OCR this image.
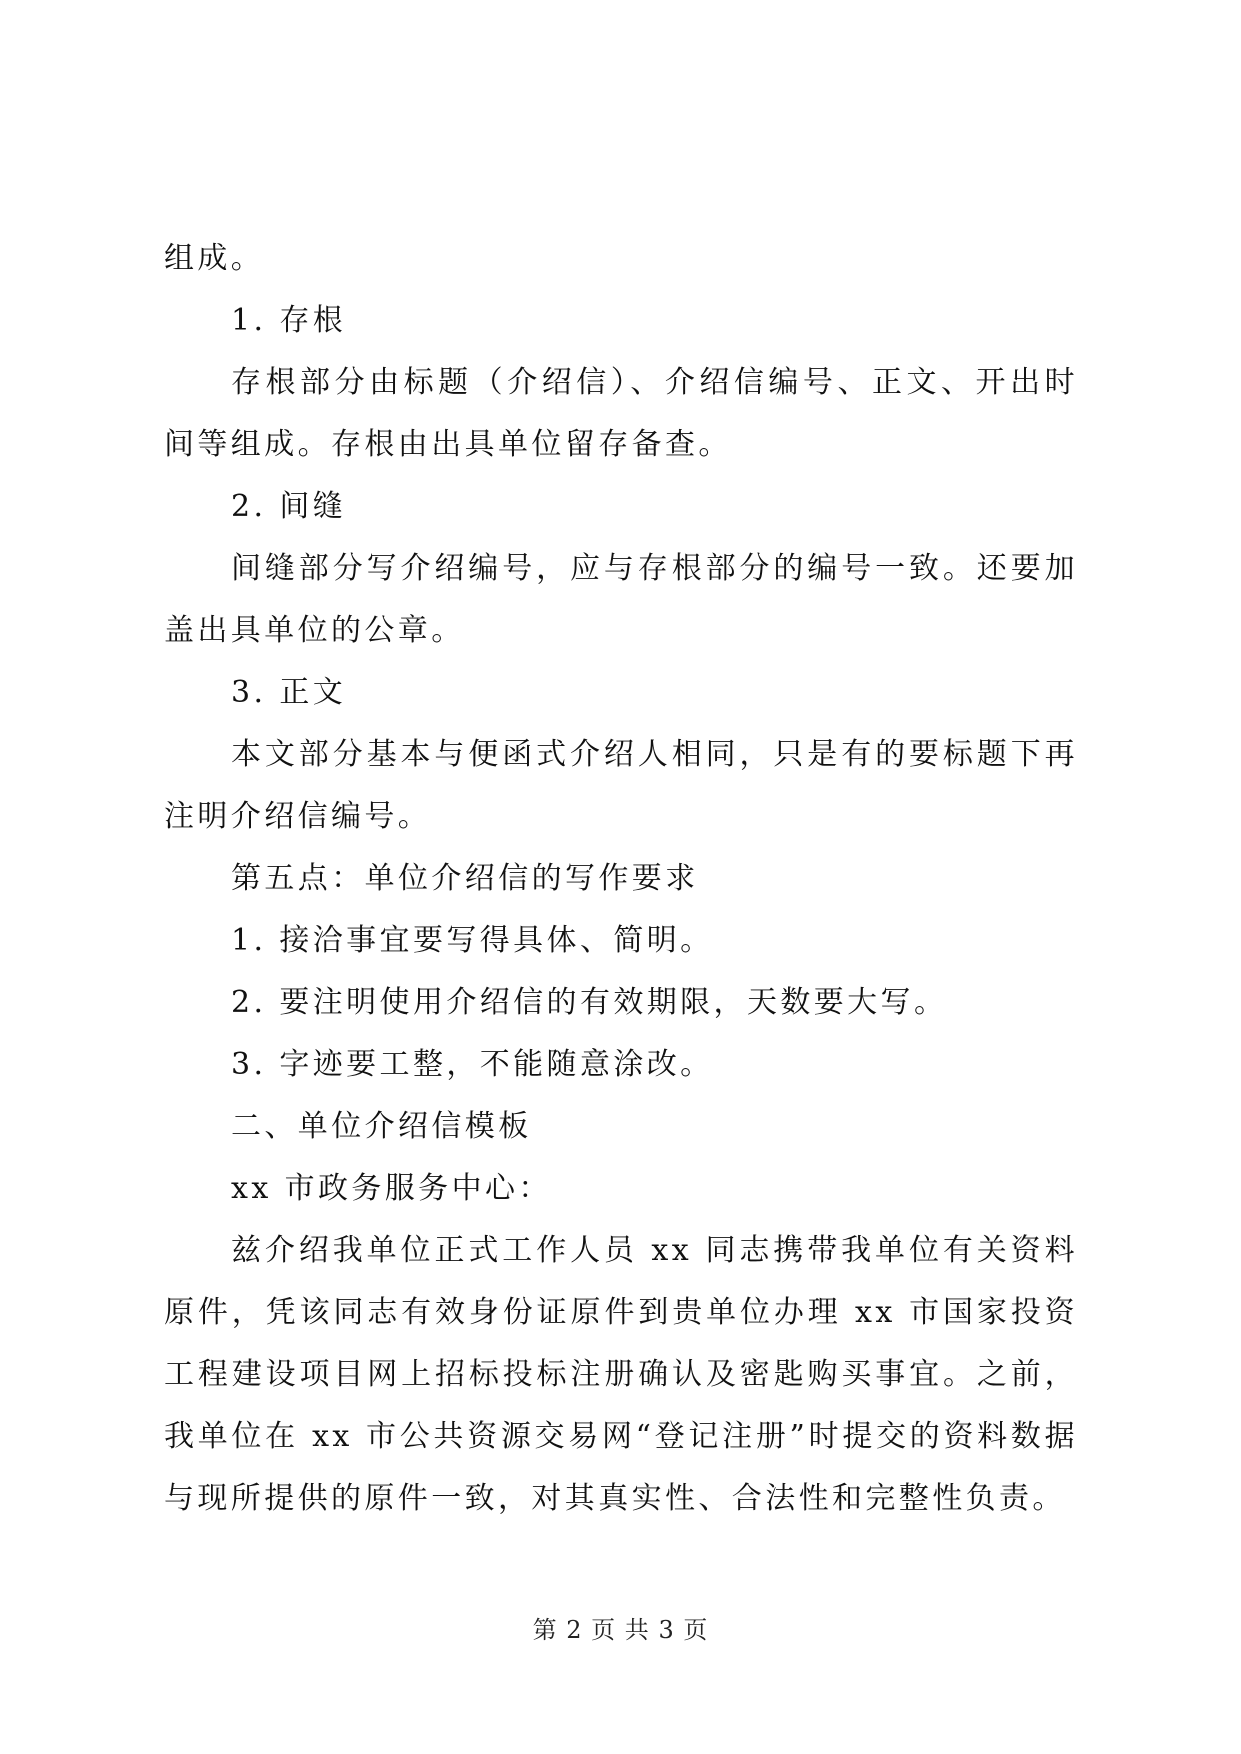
组成。

1. 存根

存根部分由标题（介绍信）、介绍信编号、正文、开出时间等组成。存根由出具单位留存备查。

2. 间缝

间缝部分写介绍编号，应与存根部分的编号一致。还要加盖出具单位的公章。

3. 正文

本文部分基本与便函式介绍人相同，只是有的要标题下再注明介绍信编号。

第五点：单位介绍信的写作要求

1. 接洽事宜要写得具体、简明。

2. 要注明使用介绍信的有效期限，天数要大写。

3. 字迹要工整，不能随意涂改。

二、单位介绍信模板

xx 市政务服务中心：

兹介绍我单位正式工作人员 xx 同志携带我单位有关资料原件，凭该同志有效身份证原件到贵单位办理 xx 市国家投资工程建设项目网上招标投标注册确认及密匙购买事宜。之前，我单位在 xx 市公共资源交易网“登记注册”时提交的资料数据与现所提供的原件一致，对其真实性、合法性和完整性负责。

第 2 页 共 3 页
